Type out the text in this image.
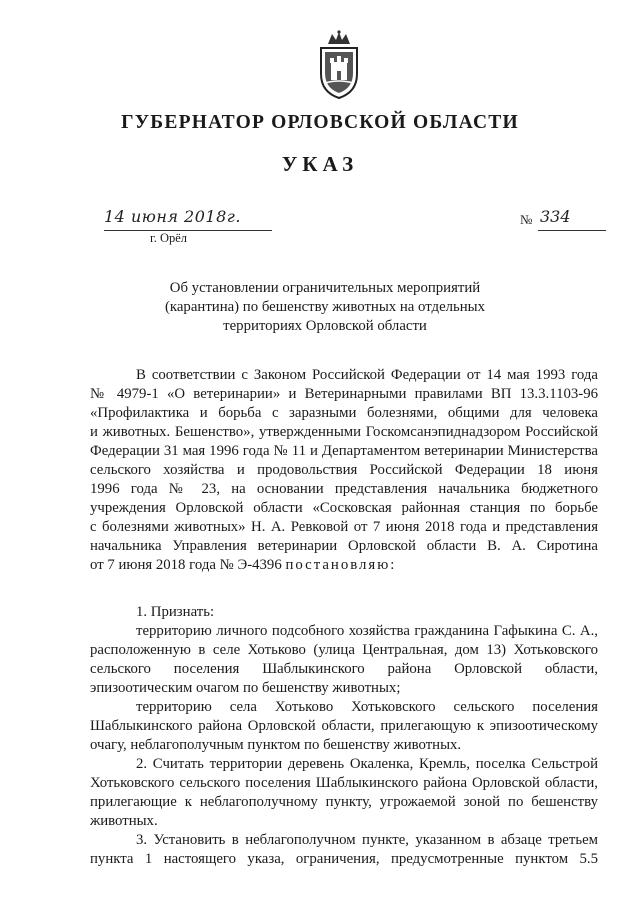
ГУБЕРНАТОР ОРЛОВСКОЙ ОБЛАСТИ
УКАЗ
14 июня 2018г.

г. Орёл

№ 334
Об установлении ограничительных мероприятий
(карантина) по бешенству животных на отдельных
территориях Орловской области

В соответствии с Законом Российской Федерации от 14 мая 1993 года

№ 4979-1 «О ветеринарии» и Ветеринарными правилами ВП 13.3.1103-96

«Профилактика и борьба с заразными болезнями, общими для человека

и животных. Бешенство», утвержденными Госкомсанэпиднадзором Российской

Федерации 31 мая 1996 года № 11 и Департаментом ветеринарии Министерства

сельского хозяйства и продовольствия Российской Федерации 18 июня

1996 года № 23, на основании представления начальника бюджетного

учреждения Орловской области «Сосковская районная станция по борьбе

с болезнями животных» Н. А. Ревковой от 7 июня 2018 года и представления

начальника Управления ветеринарии Орловской области В. А. Сиротина

от 7 июня 2018 года № Э-4396 постановляю:

1. Признать:

территорию личного подсобного хозяйства гражданина Гафыкина С. А.,

расположенную в селе Хотьково (улица Центральная, дом 13) Хотьковского

сельского поселения Шаблыкинского района Орловской области,

эпизоотическим очагом по бешенству животных;

территорию села Хотьково Хотьковского сельского поселения

Шаблыкинского района Орловской области, прилегающую к эпизоотическому

очагу, неблагополучным пунктом по бешенству животных.

2. Считать территории деревень Окаленка, Кремль, поселка Сельстрой

Хотьковского сельского поселения Шаблыкинского района Орловской области,

прилегающие к неблагополучному пункту, угрожаемой зоной по бешенству

животных.

3. Установить в неблагополучном пункте, указанном в абзаце третьем

пункта 1 настоящего указа, ограничения, предусмотренные пунктом 5.5
